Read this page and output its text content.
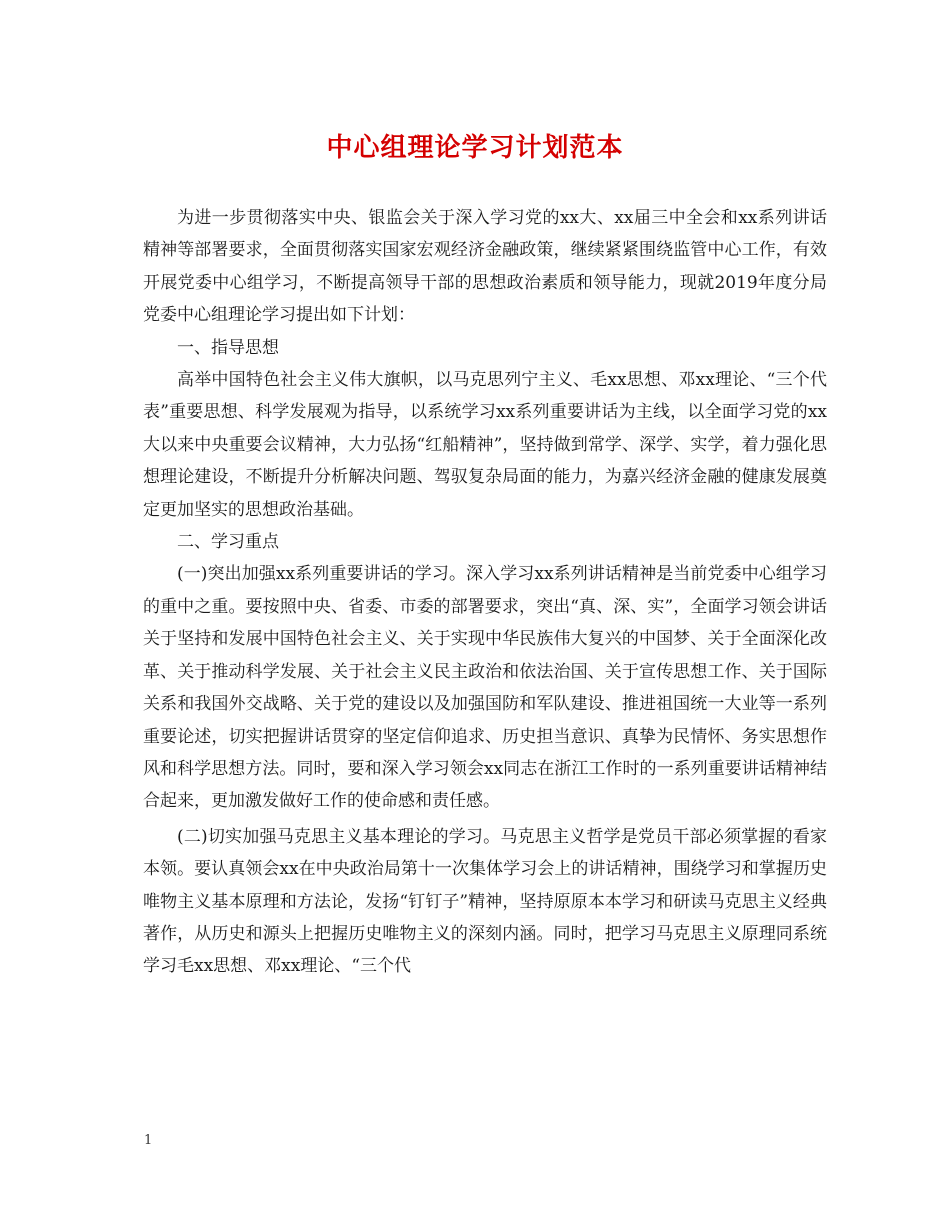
中心组理论学习计划范本

为进一步贯彻落实中央、银监会关于深入学习党的xx大、xx届三中全会和xx系列讲话精神等部署要求，全面贯彻落实国家宏观经济金融政策，继续紧紧围绕监管中心工作，有效开展党委中心组学习，不断提高领导干部的思想政治素质和领导能力，现就2019年度分局党委中心组理论学习提出如下计划：

一、指导思想

高举中国特色社会主义伟大旗帜，以马克思列宁主义、毛xx思想、邓xx理论、“三个代表”重要思想、科学发展观为指导，以系统学习xx系列重要讲话为主线，以全面学习党的xx大以来中央重要会议精神，大力弘扬“红船精神”，坚持做到常学、深学、实学，着力强化思想理论建设，不断提升分析解决问题、驾驭复杂局面的能力，为嘉兴经济金融的健康发展奠定更加坚实的思想政治基础。

二、学习重点

(一)突出加强xx系列重要讲话的学习。深入学习xx系列讲话精神是当前党委中心组学习的重中之重。要按照中央、省委、市委的部署要求，突出“真、深、实”，全面学习领会讲话关于坚持和发展中国特色社会主义、关于实现中华民族伟大复兴的中国梦、关于全面深化改革、关于推动科学发展、关于社会主义民主政治和依法治国、关于宣传思想工作、关于国际关系和我国外交战略、关于党的建设以及加强国防和军队建设、推进祖国统一大业等一系列重要论述，切实把握讲话贯穿的坚定信仰追求、历史担当意识、真挚为民情怀、务实思想作风和科学思想方法。同时，要和深入学习领会xx同志在浙江工作时的一系列重要讲话精神结合起来，更加激发做好工作的使命感和责任感。

(二)切实加强马克思主义基本理论的学习。马克思主义哲学是党员干部必须掌握的看家本领。要认真领会xx在中央政治局第十一次集体学习会上的讲话精神，围绕学习和掌握历史唯物主义基本原理和方法论，发扬“钉钉子”精神，坚持原原本本学习和研读马克思主义经典著作，从历史和源头上把握历史唯物主义的深刻内涵。同时，把学习马克思主义原理同系统学习毛xx思想、邓xx理论、“三个代

1
